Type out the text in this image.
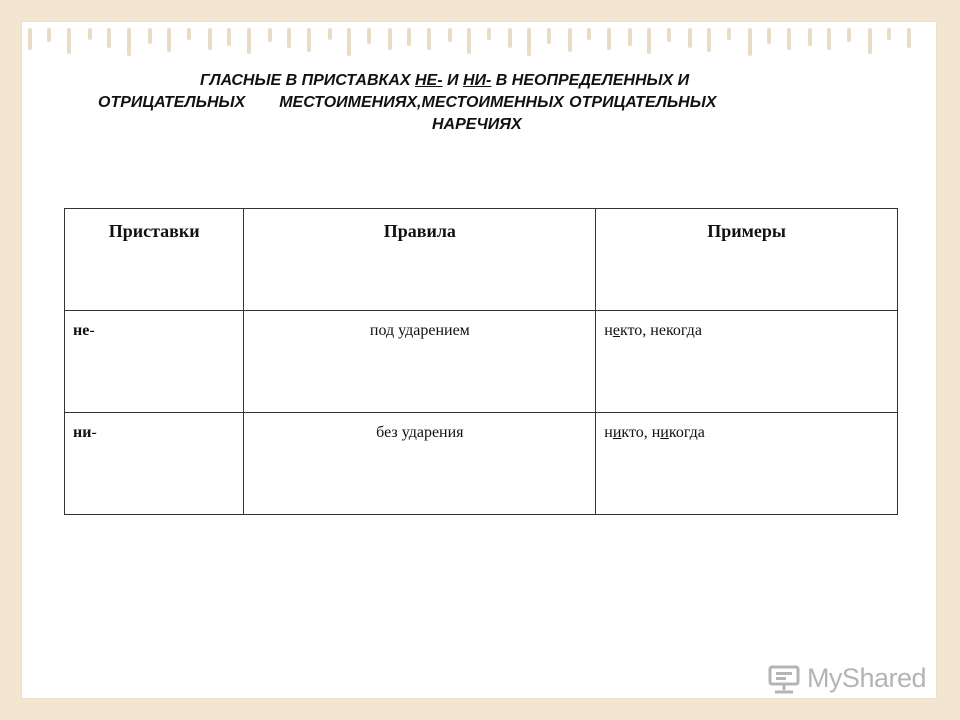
ГЛАСНЫЕ В ПРИСТАВКАХ НЕ- И НИ- В НЕОПРЕДЕЛЕННЫХ И
ОТРИЦАТЕЛЬНЫХ МЕСТОИМЕНИЯХ,МЕСТОИМЕННЫХ ОТРИЦАТЕЛЬНЫХ
НАРЕЧИЯХ
Приставки	Правила	Примеры
не-	под ударением	некто, некогда
ни-	без ударения	никто, никогда
MyShared
